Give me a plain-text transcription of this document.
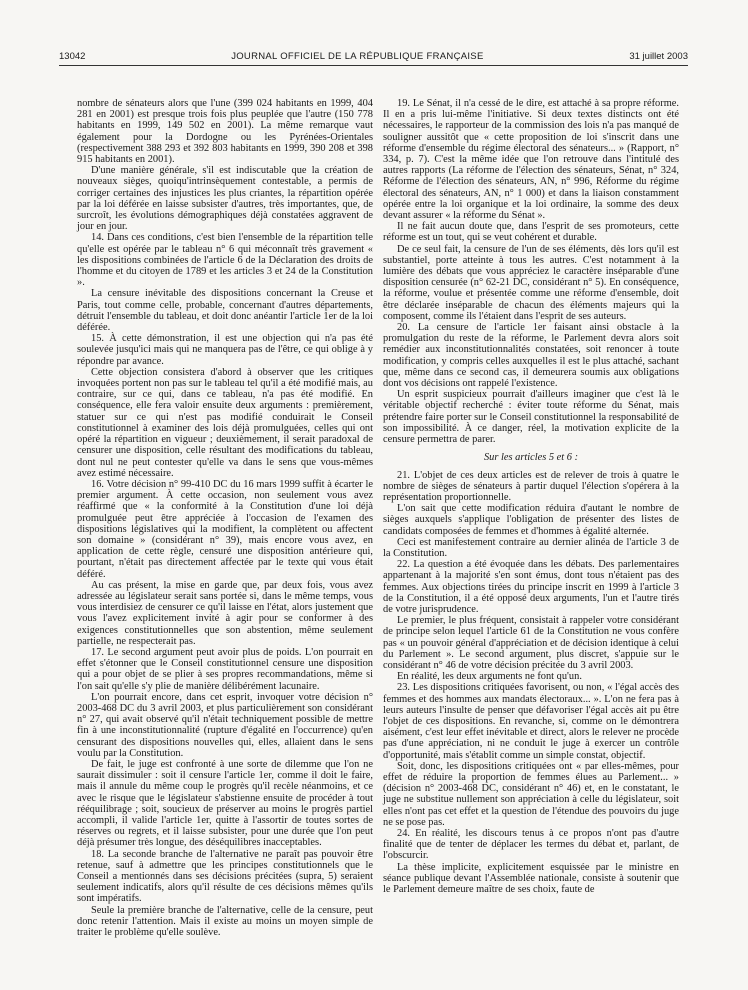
13042	JOURNAL OFFICIEL DE LA RÉPUBLIQUE FRANÇAISE	31 juillet 2003

nombre de sénateurs alors que l'une (399 024 habitants en 1999, 404 281 en 2001) est presque trois fois plus peuplée que l'autre (150 778 habitants en 1999, 149 502 en 2001). La même remarque vaut également pour la Dordogne ou les Pyrénées-Orientales (respectivement 388 293 et 392 803 habitants en 1999, 390 208 et 398 915 habitants en 2001).

D'une manière générale, s'il est indiscutable que la création de nouveaux sièges, quoiqu'intrinsèquement contestable, a permis de corriger certaines des injustices les plus criantes, la répartition opérée par la loi déférée en laisse subsister d'autres, très importantes, que, de surcroît, les évolutions démographiques déjà constatées aggravent de jour en jour.

14. Dans ces conditions, c'est bien l'ensemble de la répartition telle qu'elle est opérée par le tableau n° 6 qui méconnaît très gravement « les dispositions combinées de l'article 6 de la Déclaration des droits de l'homme et du citoyen de 1789 et les articles 3 et 24 de la Constitution ».

La censure inévitable des dispositions concernant la Creuse et Paris, tout comme celle, probable, concernant d'autres départements, détruit l'ensemble du tableau, et doit donc anéantir l'article 1er de la loi déférée.

15. À cette démonstration, il est une objection qui n'a pas été soulevée jusqu'ici mais qui ne manquera pas de l'être, ce qui oblige à y répondre par avance.

Cette objection consistera d'abord à observer que les critiques invoquées portent non pas sur le tableau tel qu'il a été modifié mais, au contraire, sur ce qui, dans ce tableau, n'a pas été modifié. En conséquence, elle fera valoir ensuite deux arguments : premièrement, statuer sur ce qui n'est pas modifié conduirait le Conseil constitutionnel à examiner des lois déjà promulguées, celles qui ont opéré la répartition en vigueur ; deuxièmement, il serait paradoxal de censurer une disposition, celle résultant des modifications du tableau, dont nul ne peut contester qu'elle va dans le sens que vous-mêmes avez estimé nécessaire.

16. Votre décision n° 99-410 DC du 16 mars 1999 suffit à écarter le premier argument. À cette occasion, non seulement vous avez réaffirmé que « la conformité à la Constitution d'une loi déjà promulguée peut être appréciée à l'occasion de l'examen des dispositions législatives qui la modifient, la complètent ou affectent son domaine » (considérant n° 39), mais encore vous avez, en application de cette règle, censuré une disposition antérieure qui, pourtant, n'était pas directement affectée par le texte qui vous était déféré.

Au cas présent, la mise en garde que, par deux fois, vous avez adressée au législateur serait sans portée si, dans le même temps, vous vous interdisiez de censurer ce qu'il laisse en l'état, alors justement que vous l'avez explicitement invité à agir pour se conformer à des exigences constitutionnelles que son abstention, même seulement partielle, ne respecterait pas.

17. Le second argument peut avoir plus de poids. L'on pourrait en effet s'étonner que le Conseil constitutionnel censure une disposition qui a pour objet de se plier à ses propres recommandations, même si l'on sait qu'elle s'y plie de manière délibérément lacunaire.

L'on pourrait encore, dans cet esprit, invoquer votre décision n° 2003-468 DC du 3 avril 2003, et plus particulièrement son considérant n° 27, qui avait observé qu'il n'était techniquement possible de mettre fin à une inconstitutionnalité (rupture d'égalité en l'occurrence) qu'en censurant des dispositions nouvelles qui, elles, allaient dans le sens voulu par la Constitution.

De fait, le juge est confronté à une sorte de dilemme que l'on ne saurait dissimuler : soit il censure l'article 1er, comme il doit le faire, mais il annule du même coup le progrès qu'il recèle néanmoins, et ce avec le risque que le législateur s'abstienne ensuite de procéder à tout rééquilibrage ; soit, soucieux de préserver au moins le progrès partiel accompli, il valide l'article 1er, quitte à l'assortir de toutes sortes de réserves ou regrets, et il laisse subsister, pour une durée que l'on peut déjà présumer très longue, des déséquilibres inacceptables.

18. La seconde branche de l'alternative ne paraît pas pouvoir être retenue, sauf à admettre que les principes constitutionnels que le Conseil a mentionnés dans ses décisions précitées (supra, 5) seraient seulement indicatifs, alors qu'il résulte de ces décisions mêmes qu'ils sont impératifs.

Seule la première branche de l'alternative, celle de la censure, peut donc retenir l'attention. Mais il existe au moins un moyen simple de traiter le problème qu'elle soulève.

19. Le Sénat, il n'a cessé de le dire, est attaché à sa propre réforme. Il en a pris lui-même l'initiative. Si deux textes distincts ont été nécessaires, le rapporteur de la commission des lois n'a pas manqué de souligner aussitôt que « cette proposition de loi s'inscrit dans une réforme d'ensemble du régime électoral des sénateurs... » (Rapport, n° 334, p. 7). C'est la même idée que l'on retrouve dans l'intitulé des autres rapports (La réforme de l'élection des sénateurs, Sénat, n° 324, Réforme de l'élection des sénateurs, AN, n° 996, Réforme du régime électoral des sénateurs, AN, n° 1 000) et dans la liaison constamment opérée entre la loi organique et la loi ordinaire, la somme des deux devant assurer « la réforme du Sénat ».

Il ne fait aucun doute que, dans l'esprit de ses promoteurs, cette réforme est un tout, qui se veut cohérent et durable.

De ce seul fait, la censure de l'un de ses éléments, dès lors qu'il est substantiel, porte atteinte à tous les autres. C'est notamment à la lumière des débats que vous appréciez le caractère inséparable d'une disposition censurée (n° 62-21 DC, considérant n° 5). En conséquence, la réforme, voulue et présentée comme une réforme d'ensemble, doit être déclarée inséparable de chacun des éléments majeurs qui la composent, comme ils l'étaient dans l'esprit de ses auteurs.

20. La censure de l'article 1er faisant ainsi obstacle à la promulgation du reste de la réforme, le Parlement devra alors soit remédier aux inconstitutionnalités constatées, soit renoncer à toute modification, y compris celles auxquelles il est le plus attaché, sachant que, même dans ce second cas, il demeurera soumis aux obligations dont vos décisions ont rappelé l'existence.

Un esprit suspicieux pourrait d'ailleurs imaginer que c'est là le véritable objectif recherché : éviter toute réforme du Sénat, mais prétendre faire porter sur le Conseil constitutionnel la responsabilité de son impossibilité. À ce danger, réel, la motivation explicite de la censure permettra de parer.

Sur les articles 5 et 6 :

21. L'objet de ces deux articles est de relever de trois à quatre le nombre de sièges de sénateurs à partir duquel l'élection s'opérera à la représentation proportionnelle.

L'on sait que cette modification réduira d'autant le nombre de sièges auxquels s'applique l'obligation de présenter des listes de candidats composées de femmes et d'hommes à égalité alternée.

Ceci est manifestement contraire au dernier alinéa de l'article 3 de la Constitution.

22. La question a été évoquée dans les débats. Des parlementaires appartenant à la majorité s'en sont émus, dont tous n'étaient pas des femmes. Aux objections tirées du principe inscrit en 1999 à l'article 3 de la Constitution, il a été opposé deux arguments, l'un et l'autre tirés de votre jurisprudence.

Le premier, le plus fréquent, consistait à rappeler votre considérant de principe selon lequel l'article 61 de la Constitution ne vous confère pas « un pouvoir général d'appréciation et de décision identique à celui du Parlement ». Le second argument, plus discret, s'appuie sur le considérant n° 46 de votre décision précitée du 3 avril 2003.

En réalité, les deux arguments ne font qu'un.

23. Les dispositions critiquées favorisent, ou non, « l'égal accès des femmes et des hommes aux mandats électoraux... ». L'on ne fera pas à leurs auteurs l'insulte de penser que défavoriser l'égal accès ait pu être l'objet de ces dispositions. En revanche, si, comme on le démontrera aisément, c'est leur effet inévitable et direct, alors le relever ne procède pas d'une appréciation, ni ne conduit le juge à exercer un contrôle d'opportunité, mais s'établit comme un simple constat, objectif.

Soit, donc, les dispositions critiquées ont « par elles-mêmes, pour effet de réduire la proportion de femmes élues au Parlement... » (décision n° 2003-468 DC, considérant n° 46) et, en le constatant, le juge ne substitue nullement son appréciation à celle du législateur, soit elles n'ont pas cet effet et la question de l'étendue des pouvoirs du juge ne se pose pas.

24. En réalité, les discours tenus à ce propos n'ont pas d'autre finalité que de tenter de déplacer les termes du débat et, parlant, de l'obscurcir.

La thèse implicite, explicitement esquissée par le ministre en séance publique devant l'Assemblée nationale, consiste à soutenir que le Parlement demeure maître de ses choix, faute de
